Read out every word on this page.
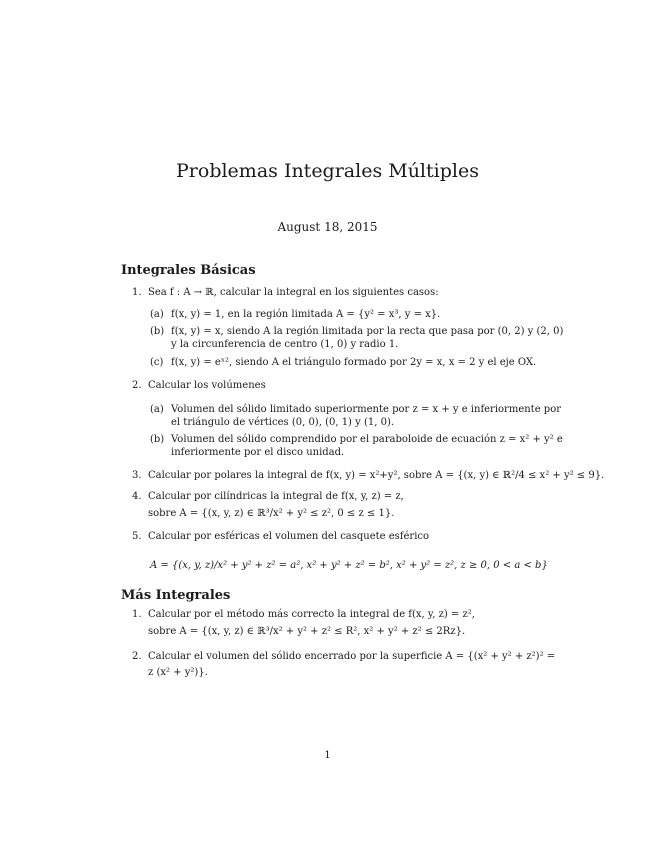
Problemas Integrales Múltiples
August 18, 2015
Integrales Básicas
1. Sea f : A → ℝ, calcular la integral en los siguientes casos:
(a) f(x, y) = 1, en la región limitada A = {y² = x³, y = x}.
(b) f(x, y) = x, siendo A la región limitada por la recta que pasa por (0, 2) y (2, 0)
y la circunferencia de centro (1, 0) y radio 1.
(c) f(x, y) = eˣ², siendo A el triángulo formado por 2y = x, x = 2 y el eje OX.
2. Calcular los volúmenes
(a) Volumen del sólido limitado superiormente por z = x + y e inferiormente por
el triángulo de vértices (0, 0), (0, 1) y (1, 0).
(b) Volumen del sólido comprendido por el paraboloide de ecuación z = x² + y² e
inferiormente por el disco unidad.
3. Calcular por polares la integral de f(x, y) = x²+y², sobre A = {(x, y) ∈ ℝ²/4 ≤ x² + y² ≤ 9}.
4. Calcular por cilíndricas la integral de f(x, y, z) = z,
sobre A = {(x, y, z) ∈ ℝ³/x² + y² ≤ z², 0 ≤ z ≤ 1}.
5. Calcular por esféricas el volumen del casquete esférico
A = {(x, y, z)/x² + y² + z² = a², x² + y² + z² = b², x² + y² = z², z ≥ 0, 0 < a < b}
Más Integrales
1. Calcular por el método más correcto la integral de f(x, y, z) = z²,
sobre A = {(x, y, z) ∈ ℝ³/x² + y² + z² ≤ R², x² + y² + z² ≤ 2Rz}.
2. Calcular el volumen del sólido encerrado por la superficie A = {(x² + y² + z²)² =
z (x² + y²)}.
1
